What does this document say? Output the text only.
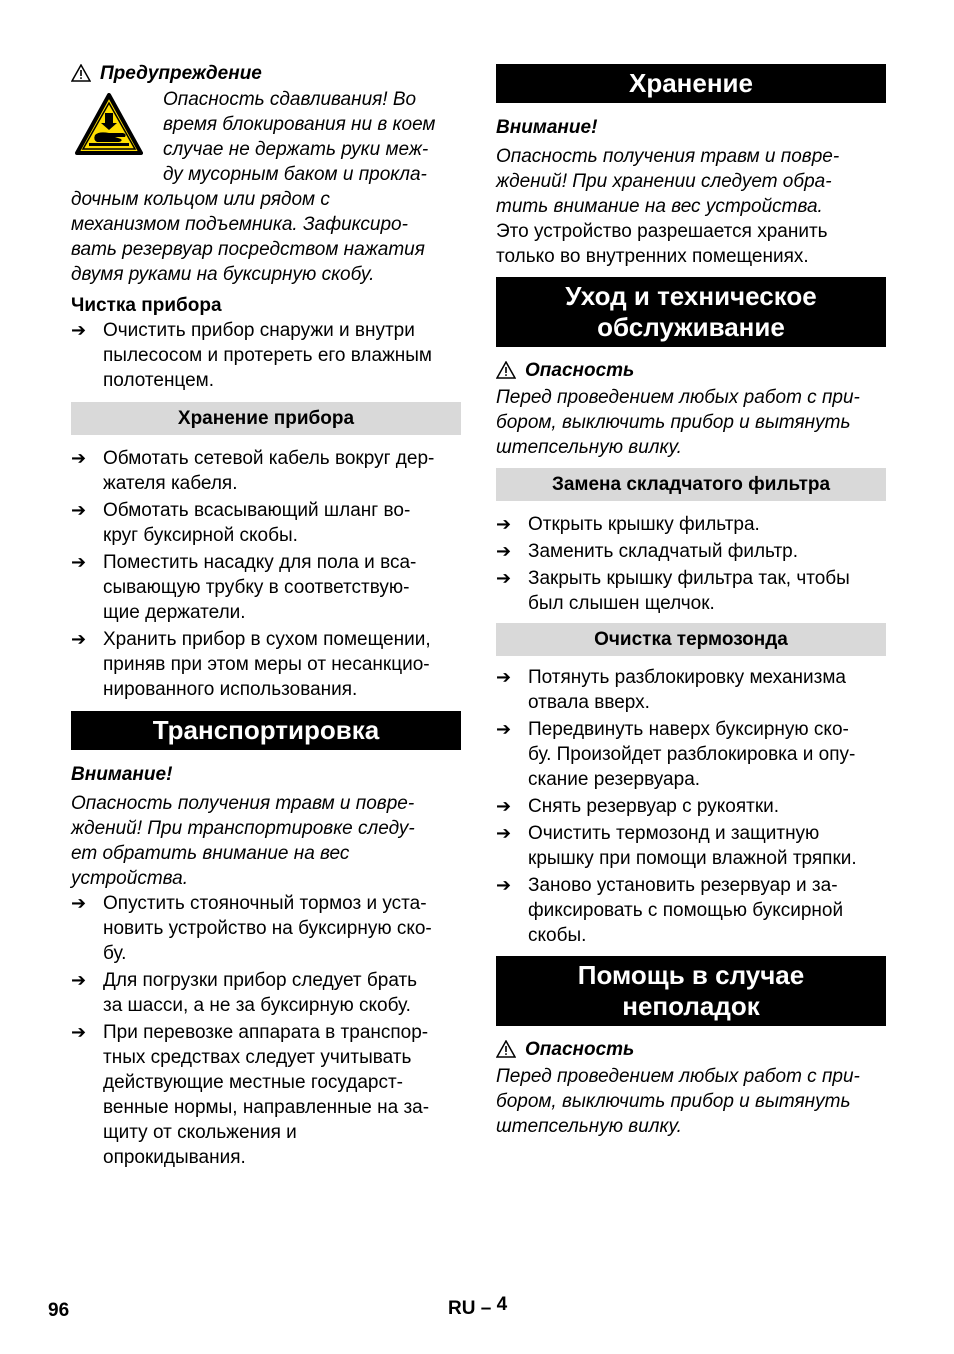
Предупреждение
Опасность сдавливания! Во
время блокирования ни в коем
случае не держать руки меж-
ду мусорным баком и прокла-
дочным кольцом или рядом с
механизмом подъемника. Зафиксиро-
вать резервуар посредством нажатия
двумя руками на буксирную скобу.
Чистка прибора
➔ Очистить прибор снаружи и внутри
пылесосом и протереть его влажным
полотенцем.
Хранение прибора
➔ Обмотать сетевой кабель вокруг дер-
жателя кабеля.
➔ Обмотать всасывающий шланг во-
круг буксирной скобы.
➔ Поместить насадку для пола и вса-
сывающую трубку в соответствую-
щие держатели.
➔ Хранить прибор в сухом помещении,
приняв при этом меры от несанкцио-
нированного использования.
Транспортировка
Внимание!
Опасность получения травм и повре-
ждений! При транспортировке следу-
ет обратить внимание на вес
устройства.
➔ Опустить стояночный тормоз и уста-
новить устройство на буксирную ско-
бу.
➔ Для погрузки прибор следует брать
за шасси, а не за буксирную скобу.
➔ При перевозке аппарата в транспор-
тных средствах следует учитывать
действующие местные государст-
венные нормы, направленные на за-
щиту от скольжения и
опрокидывания.
Хранение
Внимание!
Опасность получения травм и повре-
ждений! При хранении следует обра-
тить внимание на вес устройства.
Это устройство разрешается хранить
только во внутренних помещениях.
Уход и техническое
обслуживание
Опасность
Перед проведением любых работ с при-
бором, выключить прибор и вытянуть
штепсельную вилку.
Замена складчатого фильтра
➔ Открыть крышку фильтра.
➔ Заменить складчатый фильтр.
➔ Закрыть крышку фильтра так, чтобы
был слышен щелчок.
Очистка термозонда
➔ Потянуть разблокировку механизма
отвала вверх.
➔ Передвинуть наверх буксирную ско-
бу. Произойдет разблокировка и опу-
скание резервуара.
➔ Снять резервуар с рукоятки.
➔ Очистить термозонд и защитную
крышку при помощи влажной тряпки.
➔ Заново установить резервуар и за-
фиксировать с помощью буксирной
скобы.
Помощь в случае
неполадок
Опасность
Перед проведением любых работ с при-
бором, выключить прибор и вытянуть
штепсельную вилку.
96	RU – 4
